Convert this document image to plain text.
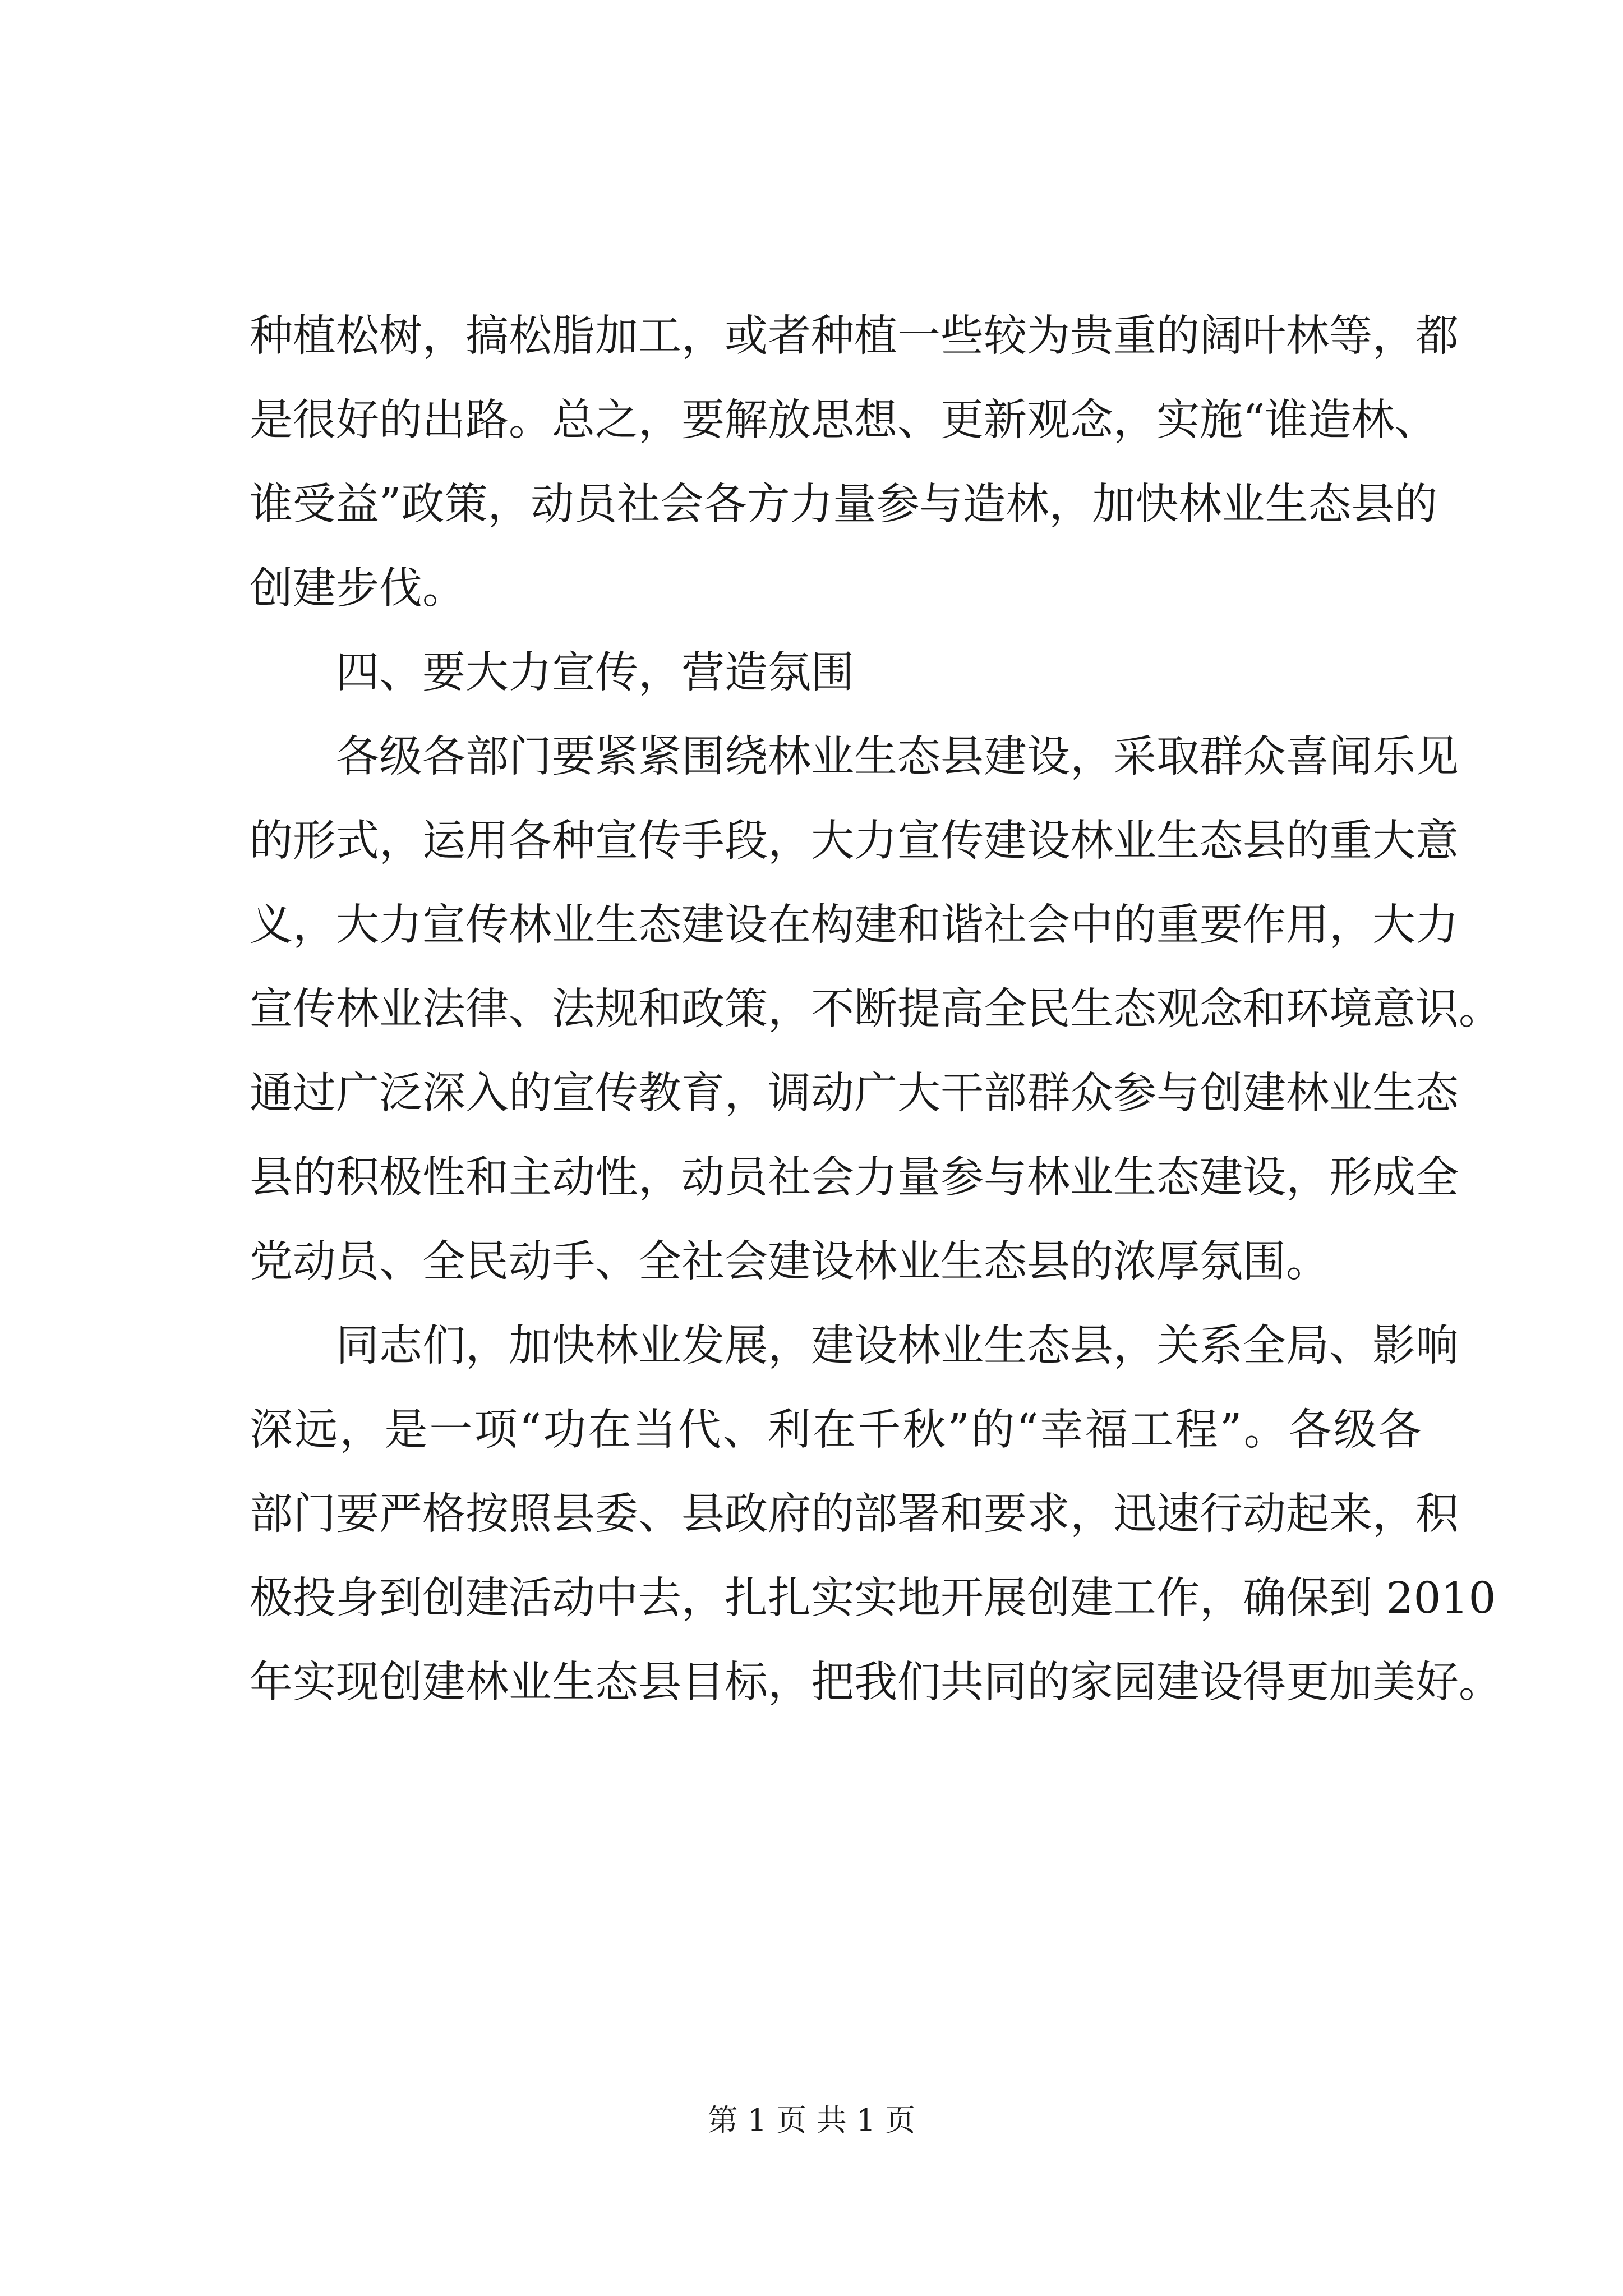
种植松树，搞松脂加工，或者种植一些较为贵重的阔叶林等，都
是很好的出路。总之，要解放思想、更新观念，实施“谁造林、
谁受益”政策，动员社会各方力量参与造林，加快林业生态县的
创建步伐。
四、要大力宣传，营造氛围
各级各部门要紧紧围绕林业生态县建设，采取群众喜闻乐见
的形式，运用各种宣传手段，大力宣传建设林业生态县的重大意
义，大力宣传林业生态建设在构建和谐社会中的重要作用，大力
宣传林业法律、法规和政策，不断提高全民生态观念和环境意识。
通过广泛深入的宣传教育，调动广大干部群众参与创建林业生态
县的积极性和主动性，动员社会力量参与林业生态建设，形成全
党动员、全民动手、全社会建设林业生态县的浓厚氛围。
同志们，加快林业发展，建设林业生态县，关系全局、影响
深远，是一项“功在当代、利在千秋”的“幸福工程”。各级各
部门要严格按照县委、县政府的部署和要求，迅速行动起来，积
极投身到创建活动中去，扎扎实实地开展创建工作，确保到 2010
年实现创建林业生态县目标，把我们共同的家园建设得更加美好。
第 1 页 共 1 页
